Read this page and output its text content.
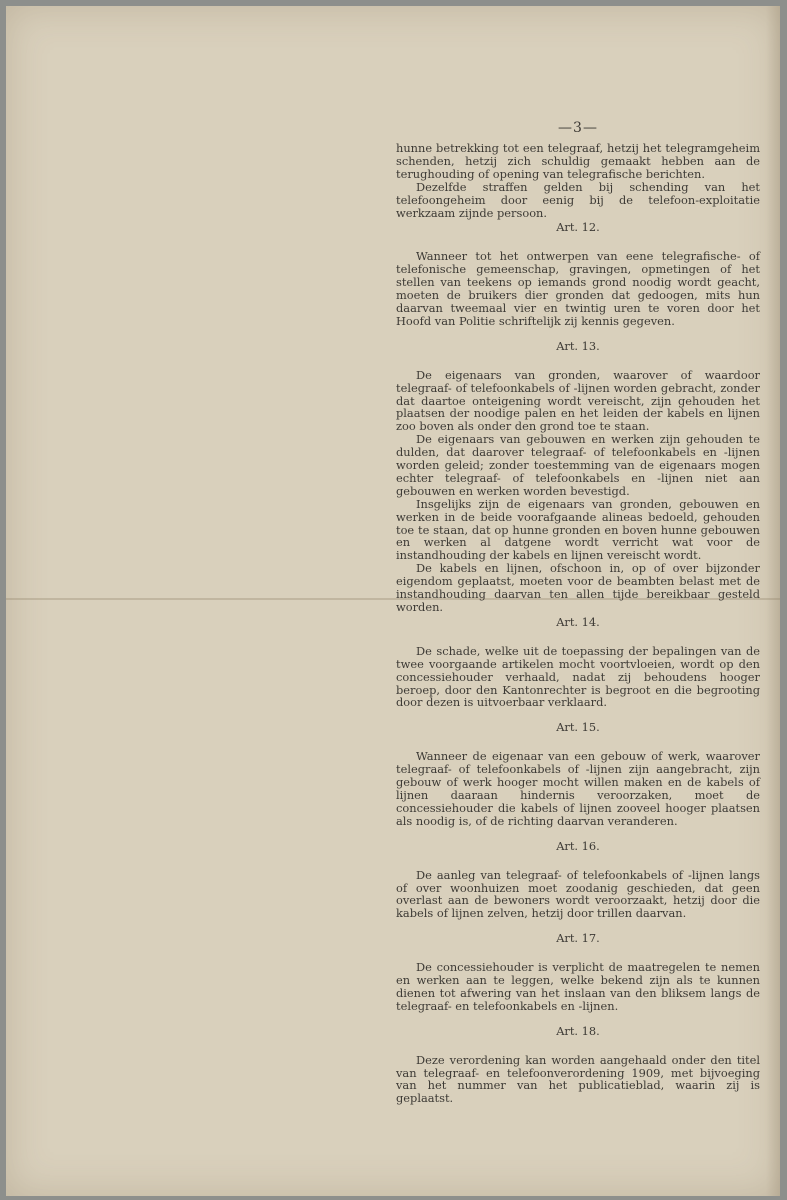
—3—

hunne betrekking tot een telegraaf, hetzij het telegramgeheim schenden, hetzij zich schuldig gemaakt hebben aan de terughouding of opening van telegrafische berichten.

Dezelfde straffen gelden bij schending van het telefoongeheim door eenig bij de telefoon-exploitatie werkzaam zijnde persoon.

Art. 12.

Wanneer tot het ontwerpen van eene telegrafische- of telefonische gemeenschap, gravingen, opmetingen of het stellen van teekens op iemands grond noodig wordt geacht, moeten de bruikers dier gronden dat gedoogen, mits hun daarvan tweemaal vier en twintig uren te voren door het Hoofd van Politie schriftelijk zij kennis gegeven.

Art. 13.

De eigenaars van gronden, waarover of waardoor telegraaf- of telefoonkabels of -lijnen worden gebracht, zonder dat daartoe onteigening wordt vereischt, zijn gehouden het plaatsen der noodige palen en het leiden der kabels en lijnen zoo boven als onder den grond toe te staan.

De eigenaars van gebouwen en werken zijn gehouden te dulden, dat daarover telegraaf- of telefoonkabels en -lijnen worden geleid; zonder toestemming van de eigenaars mogen echter telegraaf- of telefoonkabels en -lijnen niet aan gebouwen en werken worden bevestigd.

Insgelijks zijn de eigenaars van gronden, gebouwen en werken in de beide voorafgaande alineas bedoeld, gehouden toe te staan, dat op hunne gronden en boven hunne gebouwen en werken al datgene wordt verricht wat voor de instandhouding der kabels en lijnen vereischt wordt.

De kabels en lijnen, ofschoon in, op of over bijzonder eigendom geplaatst, moeten voor de beambten belast met de instandhouding daarvan ten allen tijde bereikbaar gesteld worden.

Art. 14.

De schade, welke uit de toepassing der bepalingen van de twee voorgaande artikelen mocht voortvloeien, wordt op den concessiehouder verhaald, nadat zij behoudens hooger beroep, door den Kantonrechter is begroot en die begrooting door dezen is uitvoerbaar verklaard.

Art. 15.

Wanneer de eigenaar van een gebouw of werk, waarover telegraaf- of telefoonkabels of -lijnen zijn aangebracht, zijn gebouw of werk hooger mocht willen maken en de kabels of lijnen daaraan hindernis veroorzaken, moet de concessiehouder die kabels of lijnen zooveel hooger plaatsen als noodig is, of de richting daarvan veranderen.

Art. 16.

De aanleg van telegraaf- of telefoonkabels of -lijnen langs of over woonhuizen moet zoodanig geschieden, dat geen overlast aan de bewoners wordt veroorzaakt, hetzij door die kabels of lijnen zelven, hetzij door trillen daarvan.

Art. 17.

De concessiehouder is verplicht de maatregelen te nemen en werken aan te leggen, welke bekend zijn als te kunnen dienen tot afwering van het inslaan van den bliksem langs de telegraaf- en telefoonkabels en -lijnen.

Art. 18.

Deze verordening kan worden aangehaald onder den titel van telegraaf- en telefoonverordening 1909, met bijvoeging van het nummer van het publicatieblad, waarin zij is geplaatst.
